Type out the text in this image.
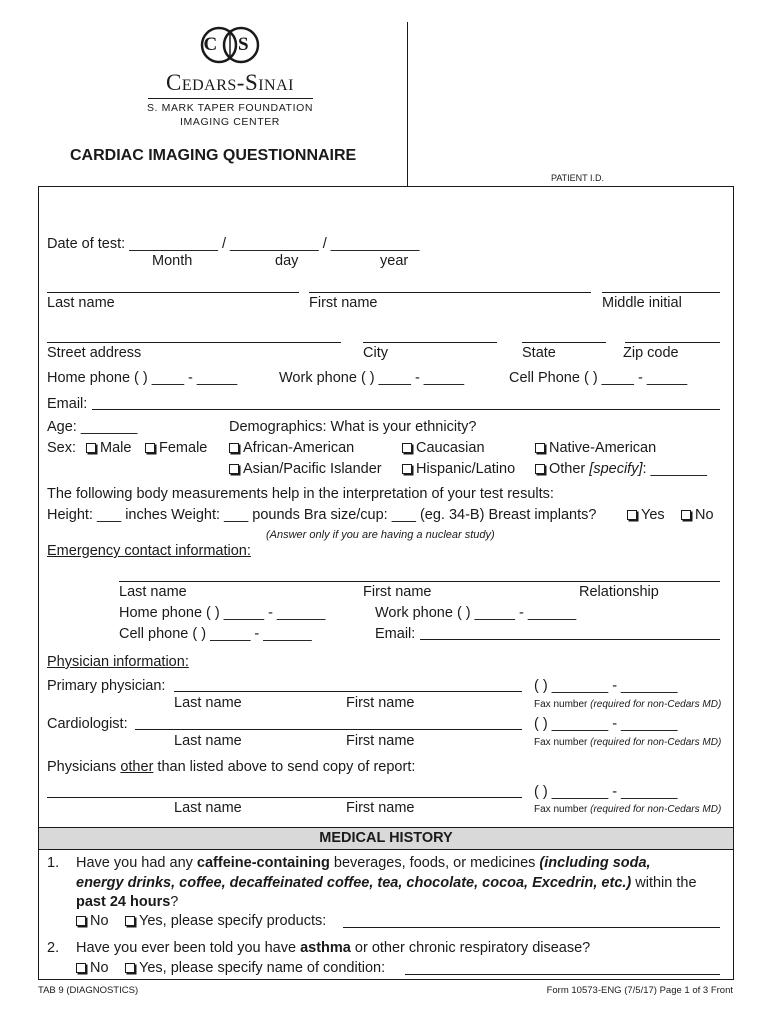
C S
Cedars-Sinai
S. MARK TAPER FOUNDATION
IMAGING CENTER
CARDIAC IMAGING QUESTIONNAIRE
PATIENT I.D.
Date of test: ___________ / ___________ / ___________
Month	day	year
Last name	First name	Middle initial
Street address	City	State	Zip code
Home phone ( ) ____ - _____	Work phone ( ) ____ - _____	Cell Phone ( ) ____ - _____
Email:
Age: _______	Demographics: What is your ethnicity?
Sex:	Male	Female	African-American	Caucasian	Native-American
Asian/Pacific Islander	Hispanic/Latino	Other [specify]: _______
The following body measurements help in the interpretation of your test results:
Height: ___ inches Weight: ___ pounds Bra size/cup: ___ (eg. 34-B) Breast implants?	Yes	No
(Answer only if you are having a nuclear study)
Emergency contact information:
Last name	First name	Relationship
Home phone ( ) _____ - ______	Work phone ( ) _____ - ______
Cell phone ( ) _____ - ______	Email:
Physician information:
Primary physician:	( ) _______ - _______
Last name	First name	Fax number (required for non-Cedars MD)
Cardiologist:	( ) _______ - _______
Last name	First name	Fax number (required for non-Cedars MD)
Physicians other than listed above to send copy of report:
( ) _______ - _______
Last name	First name	Fax number (required for non-Cedars MD)
MEDICAL HISTORY
1. Have you had any caffeine-containing beverages, foods, or medicines (including soda,
energy drinks, coffee, decaffeinated coffee, tea, chocolate, cocoa, Excedrin, etc.) within the
past 24 hours?
No	Yes, please specify products:
2. Have you ever been told you have asthma or other chronic respiratory disease?
No	Yes, please specify name of condition:
TAB 9 (DIAGNOSTICS)	Form 10573-ENG (7/5/17) Page 1 of 3 Front
